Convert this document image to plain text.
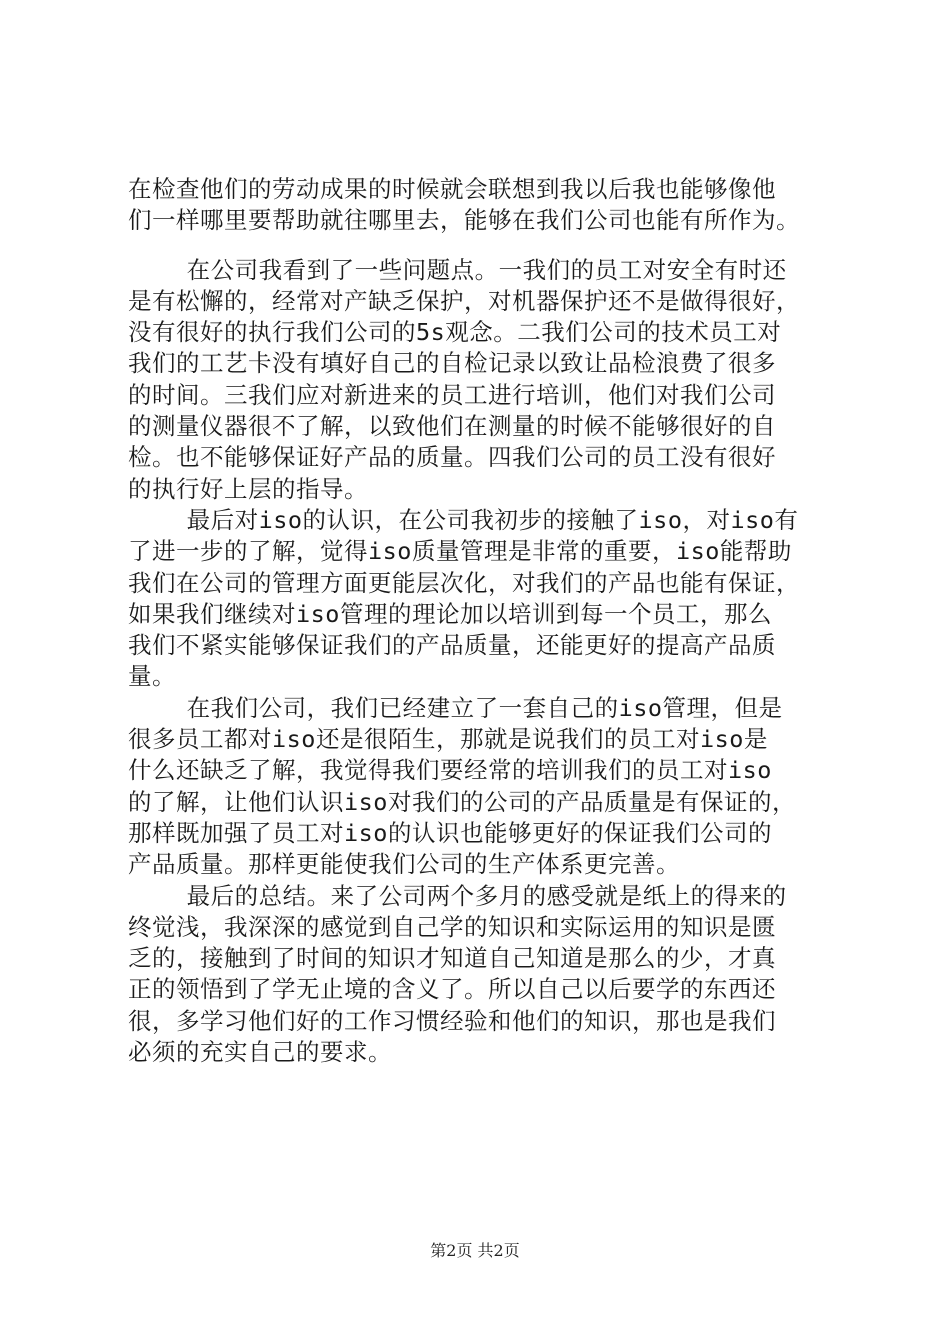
在检查他们的劳动成果的时候就会联想到我以后我也能够像他
们一样哪里要帮助就往哪里去，能够在我们公司也能有所作为。
在公司我看到了一些问题点。一我们的员工对安全有时还
是有松懈的，经常对产缺乏保护，对机器保护还不是做得很好，
没有很好的执行我们公司的5s观念。二我们公司的技术员工对
我们的工艺卡没有填好自己的自检记录以致让品检浪费了很多
的时间。三我们应对新进来的员工进行培训，他们对我们公司
的测量仪器很不了解，以致他们在测量的时候不能够很好的自
检。也不能够保证好产品的质量。四我们公司的员工没有很好
的执行好上层的指导。
最后对iso的认识，在公司我初步的接触了iso，对iso有
了进一步的了解，觉得iso质量管理是非常的重要，iso能帮助
我们在公司的管理方面更能层次化，对我们的产品也能有保证，
如果我们继续对iso管理的理论加以培训到每一个员工，那么
我们不紧实能够保证我们的产品质量，还能更好的提高产品质
量。
在我们公司，我们已经建立了一套自己的iso管理，但是
很多员工都对iso还是很陌生，那就是说我们的员工对iso是
什么还缺乏了解，我觉得我们要经常的培训我们的员工对iso
的了解，让他们认识iso对我们的公司的产品质量是有保证的，
那样既加强了员工对iso的认识也能够更好的保证我们公司的
产品质量。那样更能使我们公司的生产体系更完善。
最后的总结。来了公司两个多月的感受就是纸上的得来的
终觉浅，我深深的感觉到自己学的知识和实际运用的知识是匮
乏的，接触到了时间的知识才知道自己知道是那么的少，才真
正的领悟到了学无止境的含义了。所以自己以后要学的东西还
很，多学习他们好的工作习惯经验和他们的知识，那也是我们
必须的充实自己的要求。
第2页 共2页
